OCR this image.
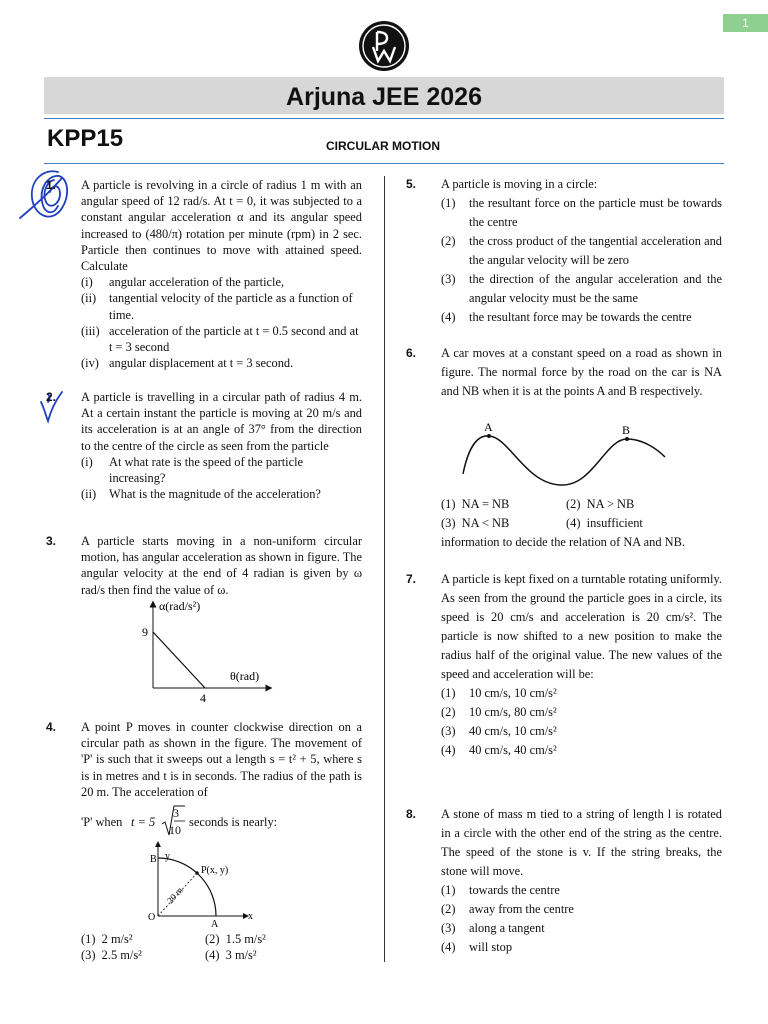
1
Arjuna JEE 2026
KPP15	CIRCULAR MOTION
1. A particle is revolving in a circle of radius 1 m with an angular speed of 12 rad/s. At t = 0, it was subjected to a constant angular acceleration α and its angular speed increased to (480/π) rotation per minute (rpm) in 2 sec. Particle then continues to move with attained speed. Calculate
(i) angular acceleration of the particle,
(ii) tangential velocity of the particle as a function of time.
(iii) acceleration of the particle at t = 0.5 second and at t = 3 second
(iv) angular displacement at t = 3 second.
2. A particle is travelling in a circular path of radius 4 m. At a certain instant the particle is moving at 20 m/s and its acceleration is at an angle of 37° from the direction to the centre of the circle as seen from the particle
(i) At what rate is the speed of the particle increasing?
(ii) What is the magnitude of the acceleration?
3. A particle starts moving in a non-uniform circular motion, has angular acceleration as shown in figure. The angular velocity at the end of 4 radian is given by ω rad/s then find the value of ω.
α(rad/s²)
θ(rad)
9
4
4. A point P moves in counter clockwise direction on a circular path as shown in the figure. The movement of 'P' is such that it sweeps out a length s = t² + 5, where s is in metres and t is in seconds. The radius of the path is 20 m. The acceleration of
'P' when t = 5
3
10
seconds is nearly:
y
x
B
A
O
P(x, y)
20 m
(1) 2 m/s²	(2) 1.5 m/s²
(3) 2.5 m/s²	(4) 3 m/s²
5. A particle is moving in a circle:
(1) the resultant force on the particle must be towards the centre
(2) the cross product of the tangential acceleration and the angular velocity will be zero
(3) the direction of the angular acceleration and the angular velocity must be the same
(4) the resultant force may be towards the centre
6. A car moves at a constant speed on a road as shown in figure. The normal force by the road on the car is NA and NB when it is at the points A and B respectively.
A	B
(1) NA = NB	(2) NA > NB
(3) NA < NB	(4) insufficient
information to decide the relation of NA and NB.
7. A particle is kept fixed on a turntable rotating uniformly. As seen from the ground the particle goes in a circle, its speed is 20 cm/s and acceleration is 20 cm/s². The particle is now shifted to a new position to make the radius half of the original value. The new values of the speed and acceleration will be:
(1) 10 cm/s, 10 cm/s²
(2) 10 cm/s, 80 cm/s²
(3) 40 cm/s, 10 cm/s²
(4) 40 cm/s, 40 cm/s²
8. A stone of mass m tied to a string of length l is rotated in a circle with the other end of the string as the centre. The speed of the stone is v. If the string breaks, the stone will move.
(1) towards the centre
(2) away from the centre
(3) along a tangent
(4) will stop
